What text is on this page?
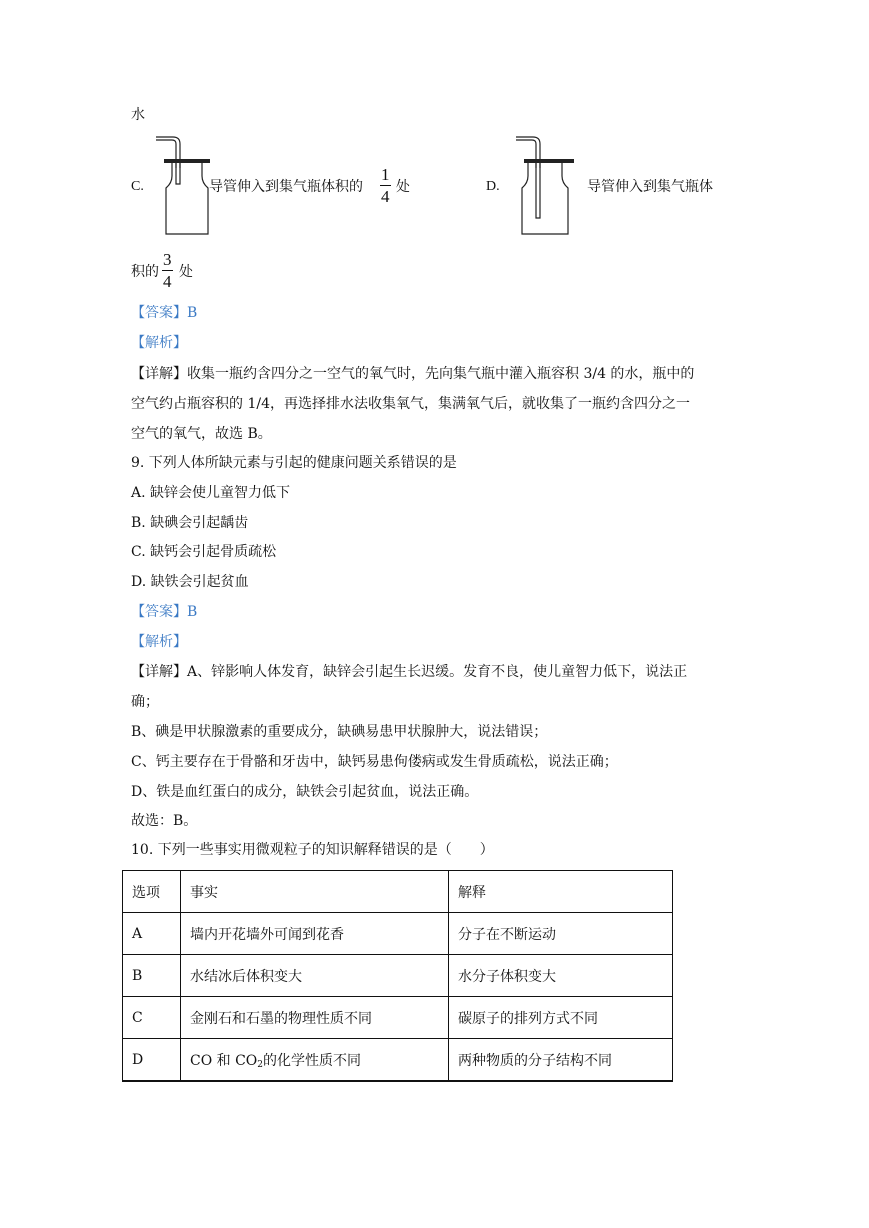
水
C.	导管伸入到集气瓶体积的 $\frac{1}{4}$ 处	D.	导管伸入到集气瓶体
积的 $\frac{3}{4}$ 处
【答案】B
【解析】
【详解】收集一瓶约含四分之一空气的氧气时，先向集气瓶中灌入瓶容积 3/4 的水，瓶中的
空气约占瓶容积的 1/4，再选择排水法收集氧气，集满氧气后，就收集了一瓶约含四分之一
空气的氧气，故选 B。
9. 下列人体所缺元素与引起的健康问题关系错误的是
A. 缺锌会使儿童智力低下
B. 缺碘会引起龋齿
C. 缺钙会引起骨质疏松
D. 缺铁会引起贫血
【答案】B
【解析】
【详解】A、锌影响人体发育，缺锌会引起生长迟缓。发育不良，使儿童智力低下，说法正
确；
B、碘是甲状腺激素的重要成分，缺碘易患甲状腺肿大，说法错误；
C、钙主要存在于骨骼和牙齿中，缺钙易患佝偻病或发生骨质疏松，说法正确；
D、铁是血红蛋白的成分，缺铁会引起贫血，说法正确。
故选：B。
10. 下列一些事实用微观粒子的知识解释错误的是（　　）
选项	事实	解释
A	墙内开花墙外可闻到花香	分子在不断运动
B	水结冰后体积变大	水分子体积变大
C	金刚石和石墨的物理性质不同	碳原子的排列方式不同
D	CO 和 $CO_2$的化学性质不同	两种物质的分子结构不同
